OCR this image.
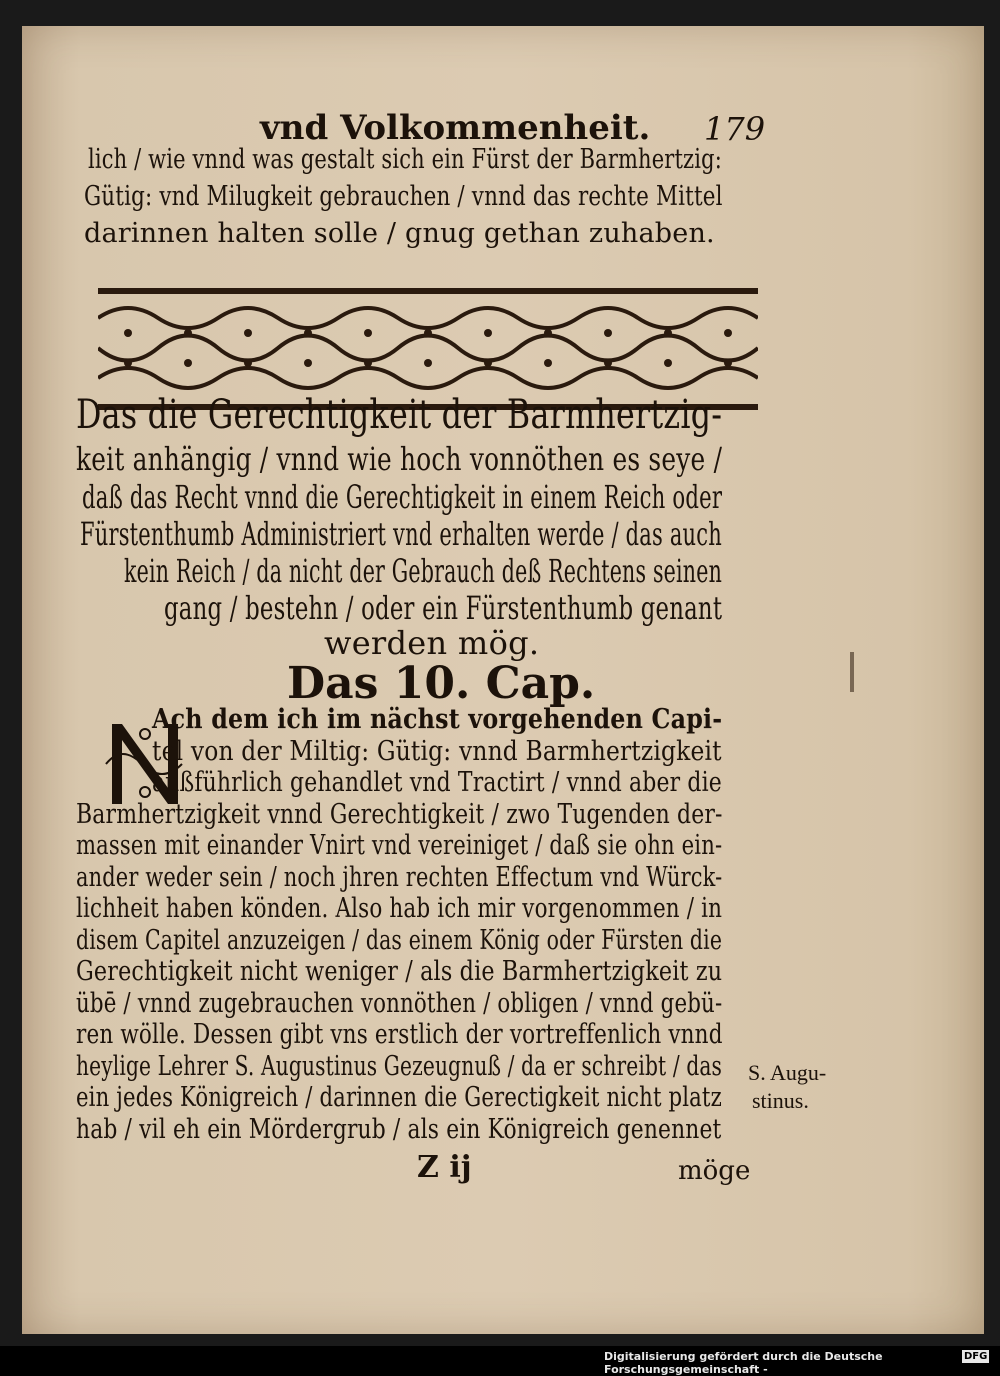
vnd Volkommenheit. 179
lich / wie vnnd was gestalt sich ein Fürst der Barmhertzig:
Gütig: vnd Milugkeit gebrauchen / vnnd das rechte Mittel
darinnen halten solle / gnug gethan zuhaben.
Das die Gerechtigkeit der Barmhertzig-
keit anhängig / vnnd wie hoch vonnöthen es seye /
daß das Recht vnnd die Gerechtigkeit in einem Reich oder
Fürstenthumb Administriert vnd erhalten werde / das auch
kein Reich / da nicht der Gebrauch deß Rechtens seinen
gang / bestehn / oder ein Fürstenthumb genant
werden mög.
Das 10. Cap.
Ach dem ich im nächst vorgehenden Capi-
tel von der Miltig: Gütig: vnnd Barmhertzigkeit
außführlich gehandlet vnd Tractirt / vnnd aber die
Barmhertzigkeit vnnd Gerechtigkeit / zwo Tugenden der-
massen mit einander Vnirt vnd vereiniget / daß sie ohn ein-
ander weder sein / noch jhren rechten Effectum vnd Würck-
lichheit haben könden. Also hab ich mir vorgenommen / in
disem Capitel anzuzeigen / das einem König oder Fürsten die
Gerechtigkeit nicht weniger / als die Barmhertzigkeit zu
übē / vnnd zugebrauchen vonnöthen / obligen / vnnd gebü-
ren wölle. Dessen gibt vns erstlich der vortreffenlich vnnd
heylige Lehrer S. Augustinus Gezeugnuß / da er schreibt / das
ein jedes Königreich / darinnen die Gerectigkeit nicht platz
hab / vil eh ein Mördergrub / als ein Königreich genennet
S. Augu-
stinus.
Z ij	möge
Digitalisierung gefördert durch die Deutsche Forschungsgemeinschaft -
DFG
